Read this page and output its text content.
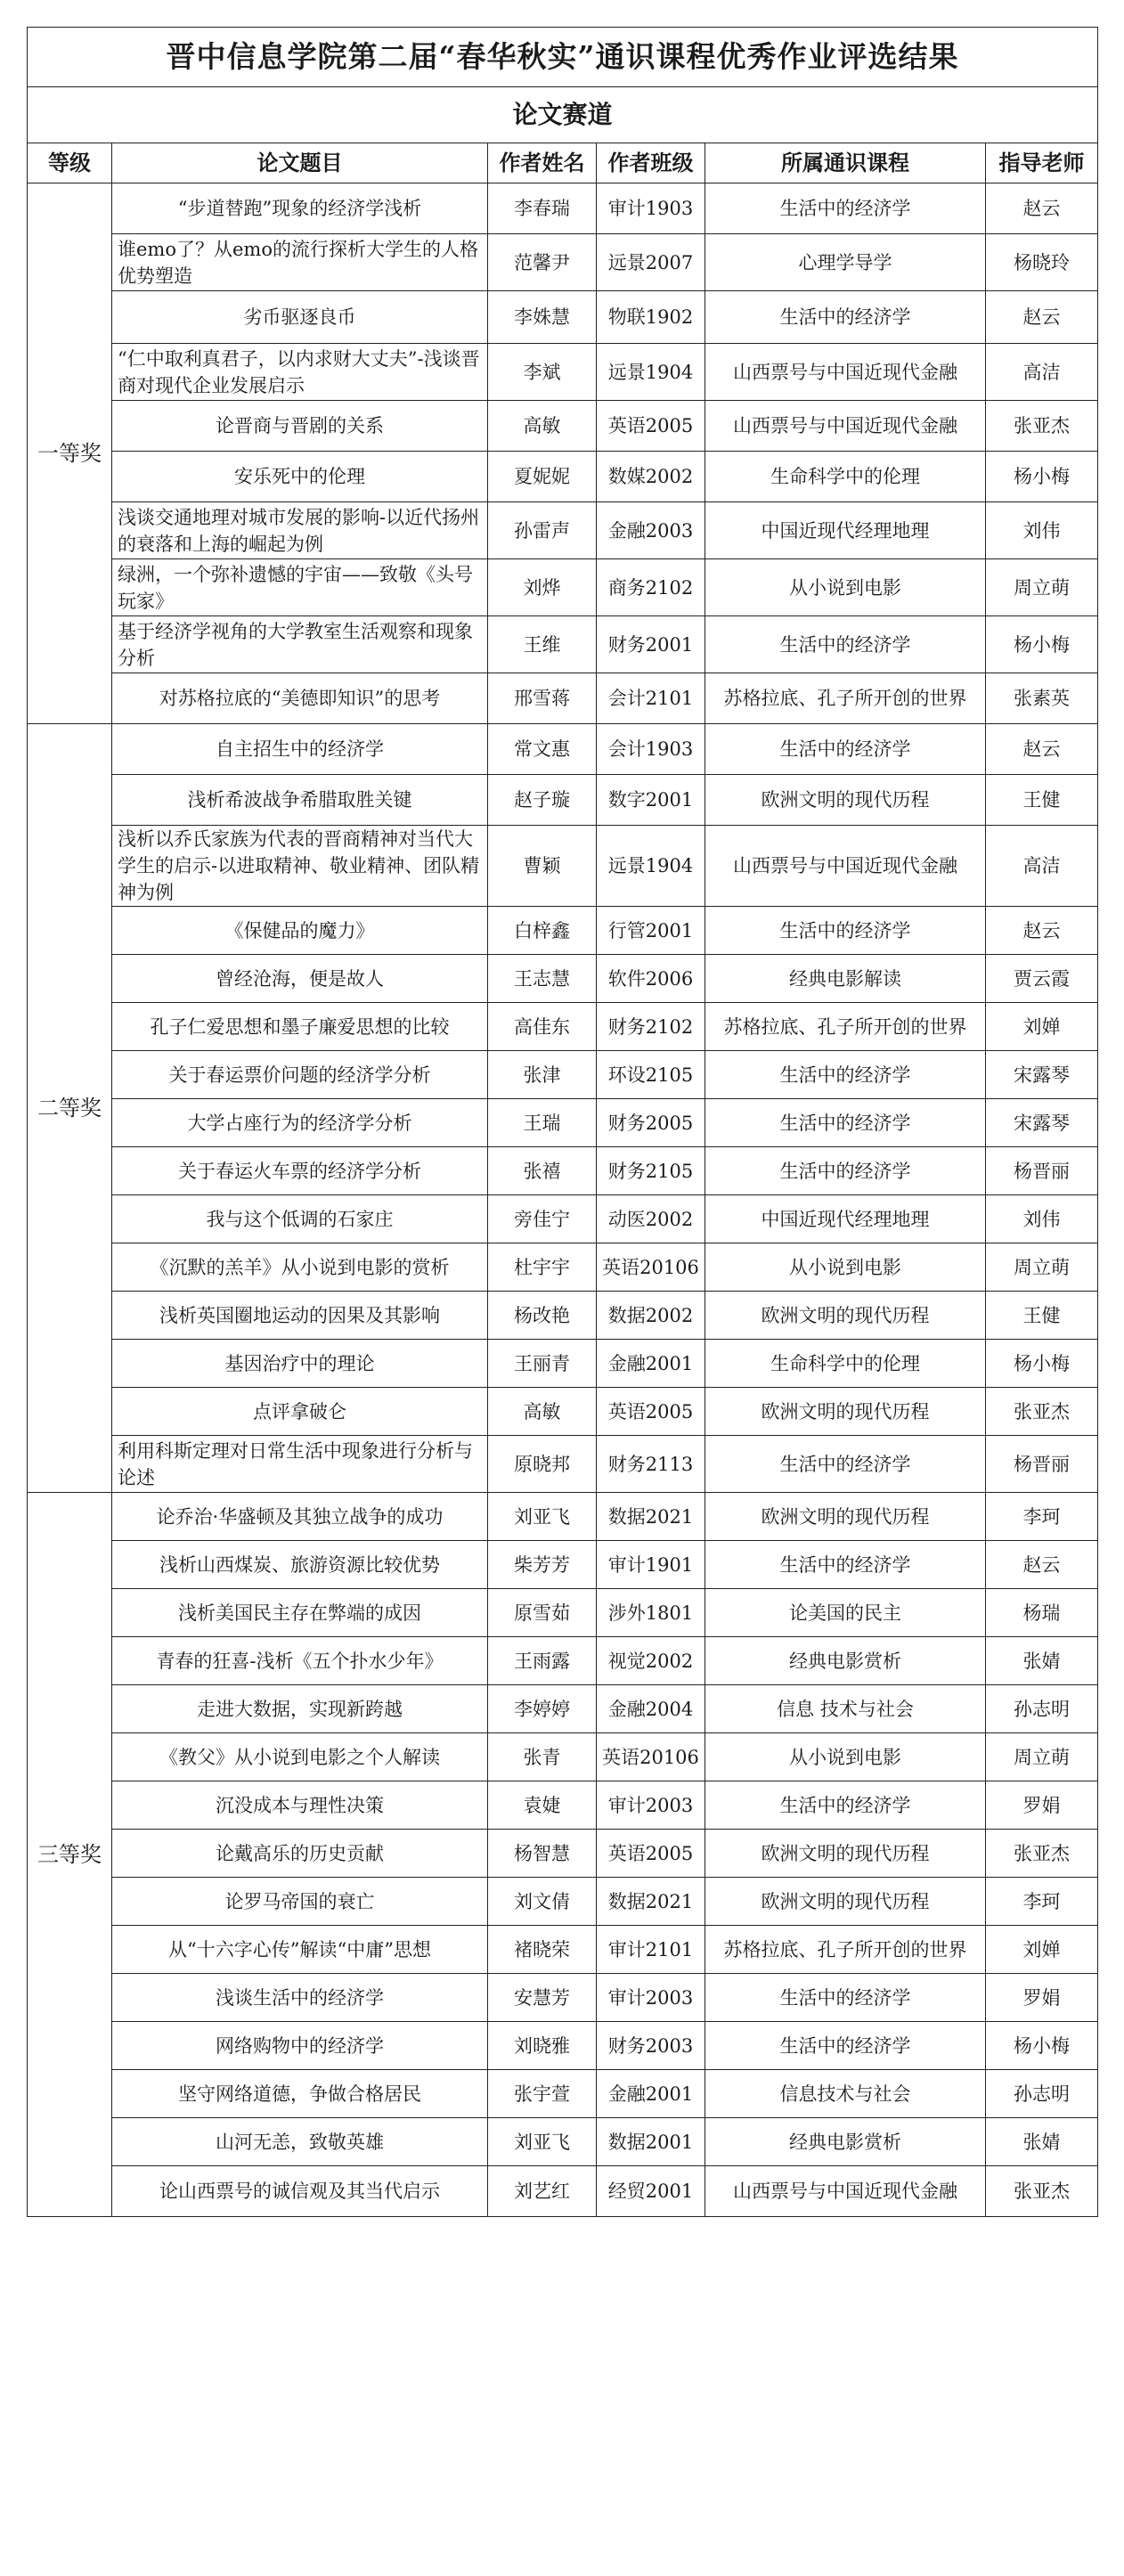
晋中信息学院第二届“春华秋实”通识课程优秀作业评选结果					
论文赛道					
等级	论文题目	作者姓名	作者班级	所属通识课程	指导老师
一等奖	“步道替跑”现象的经济学浅析	李春瑞	审计1903	生活中的经济学	赵云
	谁emo了？从emo的流行探析大学生的人格优势塑造	范馨尹	远景2007	心理学导学	杨晓玲
	劣币驱逐良币	李姝慧	物联1902	生活中的经济学	赵云
	“仁中取利真君子，以内求财大丈夫”-浅谈晋商对现代企业发展启示	李斌	远景1904	山西票号与中国近现代金融	高洁
	论晋商与晋剧的关系	高敏	英语2005	山西票号与中国近现代金融	张亚杰
	安乐死中的伦理	夏妮妮	数媒2002	生命科学中的伦理	杨小梅
	浅谈交通地理对城市发展的影响-以近代扬州的衰落和上海的崛起为例	孙雷声	金融2003	中国近现代经理地理	刘伟
	绿洲，一个弥补遗憾的宇宙——致敬《头号玩家》	刘烨	商务2102	从小说到电影	周立萌
	基于经济学视角的大学教室生活观察和现象分析	王维	财务2001	生活中的经济学	杨小梅
	对苏格拉底的“美德即知识”的思考	邢雪蒋	会计2101	苏格拉底、孔子所开创的世界	张素英
二等奖	自主招生中的经济学	常文惠	会计1903	生活中的经济学	赵云
	浅析希波战争希腊取胜关键	赵子璇	数字2001	欧洲文明的现代历程	王健
	浅析以乔氏家族为代表的晋商精神对当代大学生的启示-以进取精神、敬业精神、团队精神为例	曹颖	远景1904	山西票号与中国近现代金融	高洁
	《保健品的魔力》	白梓鑫	行管2001	生活中的经济学	赵云
	曾经沧海，便是故人	王志慧	软件2006	经典电影解读	贾云霞
	孔子仁爱思想和墨子廉爱思想的比较	高佳东	财务2102	苏格拉底、孔子所开创的世界	刘婵
	关于春运票价问题的经济学分析	张津	环设2105	生活中的经济学	宋露琴
	大学占座行为的经济学分析	王瑞	财务2005	生活中的经济学	宋露琴
	关于春运火车票的经济学分析	张禧	财务2105	生活中的经济学	杨晋丽
	我与这个低调的石家庄	旁佳宁	动医2002	中国近现代经理地理	刘伟
	《沉默的羔羊》从小说到电影的赏析	杜宇宇	英语20106	从小说到电影	周立萌
	浅析英国圈地运动的因果及其影响	杨改艳	数据2002	欧洲文明的现代历程	王健
	基因治疗中的理论	王丽青	金融2001	生命科学中的伦理	杨小梅
	点评拿破仑	高敏	英语2005	欧洲文明的现代历程	张亚杰
	利用科斯定理对日常生活中现象进行分析与论述	原晓邦	财务2113	生活中的经济学	杨晋丽
三等奖	论乔治·华盛顿及其独立战争的成功	刘亚飞	数据2021	欧洲文明的现代历程	李珂
	浅析山西煤炭、旅游资源比较优势	柴芳芳	审计1901	生活中的经济学	赵云
	浅析美国民主存在弊端的成因	原雪茹	涉外1801	论美国的民主	杨瑞
	青春的狂喜-浅析《五个扑水少年》	王雨露	视觉2002	经典电影赏析	张婧
	走进大数据，实现新跨越	李婷婷	金融2004	信息 技术与社会	孙志明
	《教父》从小说到电影之个人解读	张青	英语20106	从小说到电影	周立萌
	沉没成本与理性决策	袁婕	审计2003	生活中的经济学	罗娟
	论戴高乐的历史贡献	杨智慧	英语2005	欧洲文明的现代历程	张亚杰
	论罗马帝国的衰亡	刘文倩	数据2021	欧洲文明的现代历程	李珂
	从“十六字心传”解读“中庸”思想	褚晓荣	审计2101	苏格拉底、孔子所开创的世界	刘婵
	浅谈生活中的经济学	安慧芳	审计2003	生活中的经济学	罗娟
	网络购物中的经济学	刘晓雅	财务2003	生活中的经济学	杨小梅
	坚守网络道德，争做合格居民	张宇萱	金融2001	信息技术与社会	孙志明
	山河无恙，致敬英雄	刘亚飞	数据2001	经典电影赏析	张婧
	论山西票号的诚信观及其当代启示	刘艺红	经贸2001	山西票号与中国近现代金融	张亚杰
